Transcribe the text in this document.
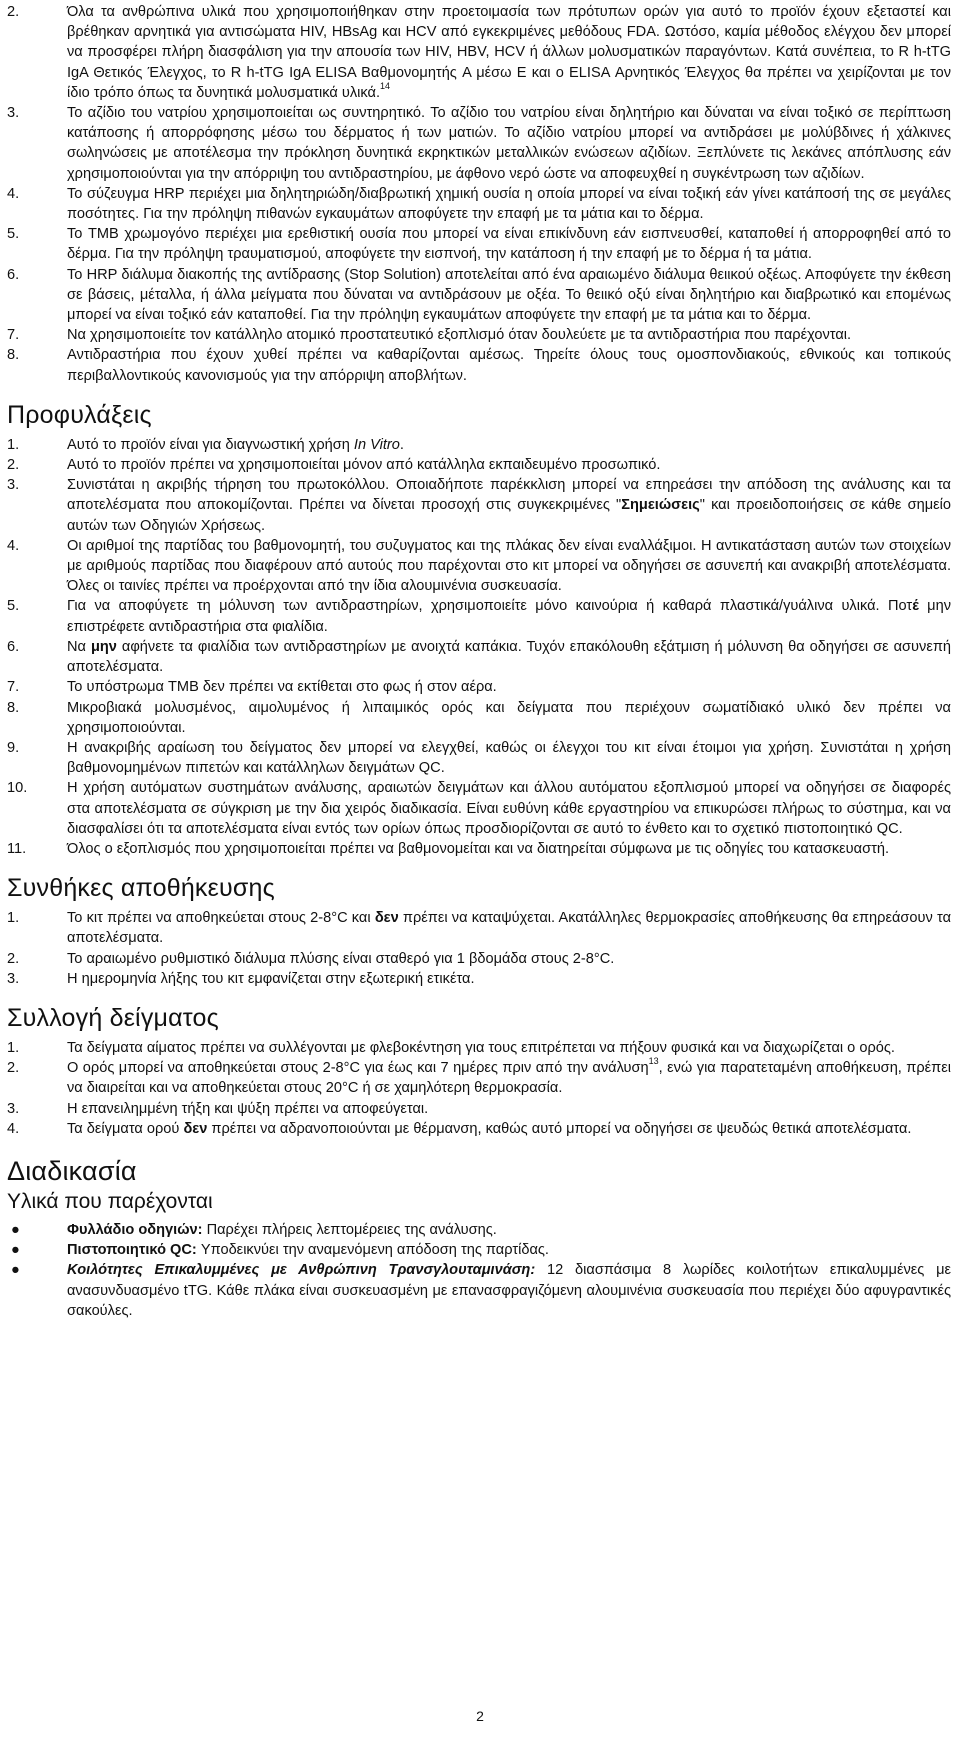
2.	Όλα τα ανθρώπινα υλικά που χρησιμοποιήθηκαν στην προετοιμασία των πρότυπων ορών για αυτό το προϊόν έχουν εξεταστεί και βρέθηκαν αρνητικά για αντισώματα HIV, HBsAg και HCV από εγκεκριμένες μεθόδους FDA. Ωστόσο, καμία μέθοδος ελέγχου δεν μπορεί να προσφέρει πλήρη διασφάλιση για την απουσία των HIV, HBV, HCV ή άλλων μολυσματικών παραγόντων. Κατά συνέπεια, το R h-tTG IgA Θετικός Έλεγχος, το R h-tTG IgA ELISA Βαθμονομητής A μέσω E και ο ELISA Αρνητικός Έλεγχος θα πρέπει να χειρίζονται με τον ίδιο τρόπο όπως τα δυνητικά μολυσματικά υλικά.$^{14}$
3.	Το αζίδιο του νατρίου χρησιμοποιείται ως συντηρητικό. Το αζίδιο του νατρίου είναι δηλητήριο και δύναται να είναι τοξικό σε περίπτωση κατάποσης ή απορρόφησης μέσω του δέρματος ή των ματιών. Το αζίδιο νατρίου μπορεί να αντιδράσει με μολύβδινες ή χάλκινες σωληνώσεις με αποτέλεσμα την πρόκληση δυνητικά εκρηκτικών μεταλλικών ενώσεων αζιδίων. Ξεπλύνετε τις λεκάνες απόπλυσης εάν χρησιμοποιούνται για την απόρριψη του αντιδραστηρίου, με άφθονο νερό ώστε να αποφευχθεί η συγκέντρωση των αζιδίων.
4.	Το σύζευγμα HRP περιέχει μια δηλητηριώδη/διαβρωτική χημική ουσία η οποία μπορεί να είναι τοξική εάν γίνει κατάποσή της σε μεγάλες ποσότητες. Για την πρόληψη πιθανών εγκαυμάτων αποφύγετε την επαφή με τα μάτια και το δέρμα.
5.	Το TMB χρωμογόνο περιέχει μια ερεθιστική ουσία που μπορεί να είναι επικίνδυνη εάν εισπνευσθεί, καταποθεί ή απορροφηθεί από το δέρμα. Για την πρόληψη τραυματισμού, αποφύγετε την εισπνοή, την κατάποση ή την επαφή με το δέρμα ή τα μάτια.
6.	Το HRP διάλυμα διακοπής της αντίδρασης (Stop Solution) αποτελείται από ένα αραιωμένο διάλυμα θειικού οξέως. Αποφύγετε την έκθεση σε βάσεις, μέταλλα, ή άλλα μείγματα που δύναται να αντιδράσουν με οξέα. Το θειικό οξύ είναι δηλητήριο και διαβρωτικό και επομένως μπορεί να είναι τοξικό εάν καταποθεί. Για την πρόληψη εγκαυμάτων αποφύγετε την επαφή με τα μάτια και το δέρμα.
7.	Να χρησιμοποιείτε τον κατάλληλο ατομικό προστατευτικό εξοπλισμό όταν δουλεύετε με τα αντιδραστήρια που παρέχονται.
8.	Αντιδραστήρια που έχουν χυθεί πρέπει να καθαρίζονται αμέσως. Τηρείτε όλους τους ομοσπονδιακούς, εθνικούς και τοπικούς περιβαλλοντικούς κανονισμούς για την απόρριψη αποβλήτων.
Προφυλάξεις
1.	Αυτό το προϊόν είναι για διαγνωστική χρήση In Vitro.
2.	Αυτό το προϊόν πρέπει να χρησιμοποιείται μόνον από κατάλληλα εκπαιδευμένο προσωπικό.
3.	Συνιστάται η ακριβής τήρηση του πρωτοκόλλου. Οποιαδήποτε παρέκκλιση μπορεί να επηρεάσει την απόδοση της ανάλυσης και τα αποτελέσματα που αποκομίζονται. Πρέπει να δίνεται προσοχή στις συγκεκριμένες "Σημειώσεις" και προειδοποιήσεις σε κάθε σημείο αυτών των Οδηγιών Χρήσεως.
4.	Οι αριθμοί της παρτίδας του βαθμονομητή, του συζυγματος και της πλάκας δεν είναι εναλλάξιμοι. Η αντικατάσταση αυτών των στοιχείων με αριθμούς παρτίδας που διαφέρουν από αυτούς που παρέχονται στο κιτ μπορεί να οδηγήσει σε ασυνεπή και ανακριβή αποτελέσματα. Όλες οι ταινίες πρέπει να προέρχονται από την ίδια αλουμινένια συσκευασία.
5.	Για να αποφύγετε τη μόλυνση των αντιδραστηρίων, χρησιμοποιείτε μόνο καινούρια ή καθαρά πλαστικά/γυάλινα υλικά. Ποτέ μην επιστρέφετε αντιδραστήρια στα φιαλίδια.
6.	Να μην αφήνετε τα φιαλίδια των αντιδραστηρίων με ανοιχτά καπάκια. Τυχόν επακόλουθη εξάτμιση ή μόλυνση θα οδηγήσει σε ασυνεπή αποτελέσματα.
7.	Το υπόστρωμα TMB δεν πρέπει να εκτίθεται στο φως ή στον αέρα.
8.	Μικροβιακά μολυσμένος, αιμολυμένος ή λιπαιμικός ορός και δείγματα που περιέχουν σωματίδιακό υλικό δεν πρέπει να χρησιμοποιούνται.
9.	Η ανακριβής αραίωση του δείγματος δεν μπορεί να ελεγχθεί, καθώς οι έλεγχοι του κιτ είναι έτοιμοι για χρήση. Συνιστάται η χρήση βαθμονομημένων πιπετών και κατάλληλων δειγμάτων QC.
10.	Η χρήση αυτόματων συστημάτων ανάλυσης, αραιωτών δειγμάτων και άλλου αυτόματου εξοπλισμού μπορεί να οδηγήσει σε διαφορές στα αποτελέσματα σε σύγκριση με την δια χειρός διαδικασία. Είναι ευθύνη κάθε εργαστηρίου να επικυρώσει πλήρως το σύστημα, και να διασφαλίσει ότι τα αποτελέσματα είναι εντός των ορίων όπως προσδιορίζονται σε αυτό το ένθετο και το σχετικό πιστοποιητικό QC.
11.	Όλος ο εξοπλισμός που χρησιμοποιείται πρέπει να βαθμονομείται και να διατηρείται σύμφωνα με τις οδηγίες του κατασκευαστή.
Συνθήκες αποθήκευσης
1.	Το κιτ πρέπει να αποθηκεύεται στους 2-8°C και δεν πρέπει να καταψύχεται. Ακατάλληλες θερμοκρασίες αποθήκευσης θα επηρεάσουν τα αποτελέσματα.
2.	Το αραιωμένο ρυθμιστικό διάλυμα πλύσης είναι σταθερό για 1 βδομάδα στους 2-8°C.
3.	Η ημερομηνία λήξης του κιτ εμφανίζεται στην εξωτερική ετικέτα.
Συλλογή δείγματος
1.	Τα δείγματα αίματος πρέπει να συλλέγονται με φλεβοκέντηση για τους επιτρέπεται να πήξουν φυσικά και να διαχωρίζεται ο ορός.
2.	Ο ορός μπορεί να αποθηκεύεται στους 2-8°C για έως και 7 ημέρες πριν από την ανάλυση$^{13}$, ενώ για παρατεταμένη αποθήκευση, πρέπει να διαιρείται και να αποθηκεύεται στους 20°C ή σε χαμηλότερη θερμοκρασία.
3.	Η επανειλημμένη τήξη και ψύξη πρέπει να αποφεύγεται.
4.	Τα δείγματα ορού δεν πρέπει να αδρανοποιούνται με θέρμανση, καθώς αυτό μπορεί να οδηγήσει σε ψευδώς θετικά αποτελέσματα.
Διαδικασία
Υλικά που παρέχονται
●	Φυλλάδιο οδηγιών: Παρέχει πλήρεις λεπτομέρειες της ανάλυσης.
●	Πιστοποιητικό QC: Υποδεικνύει την αναμενόμενη απόδοση της παρτίδας.
●	Κοιλότητες Επικαλυμμένες με Ανθρώπινη Τρανσγλουταμινάση: 12 διασπάσιμα 8 λωρίδες κοιλοτήτων επικαλυμμένες με ανασυνδυασμένο tTG. Κάθε πλάκα είναι συσκευασμένη με επανασφραγιζόμενη αλουμινένια συσκευασία που περιέχει δύο αφυγραντικές σακούλες.
2
